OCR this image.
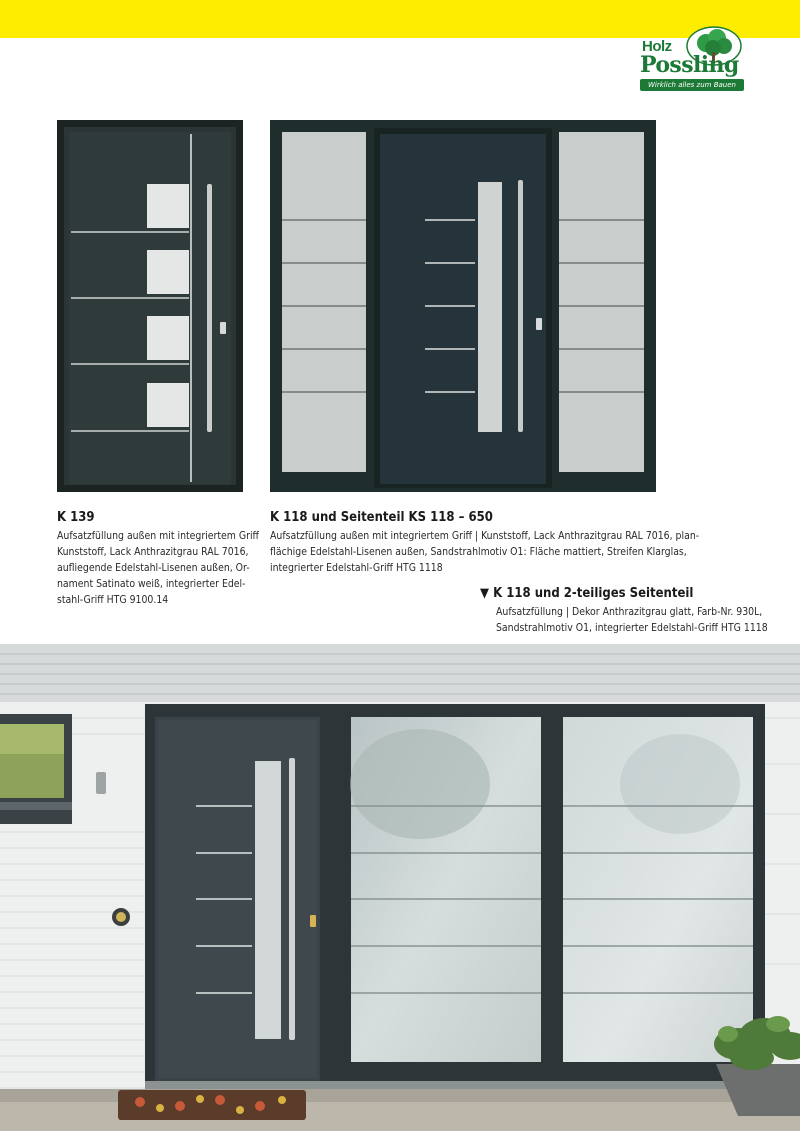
Holz
Possling
Wirklich alles zum Bauen
K 139
Aufsatzfüllung außen mit integriertem Griff
Kunststoff, Lack Anthrazitgrau RAL 7016,
aufliegende Edelstahl-Lisenen außen, Or-
nament Satinato weiß, integrierter Edel-
stahl-Griff HTG 9100.14
K 118 und Seitenteil KS 118 – 650
Aufsatzfüllung außen mit integriertem Griff | Kunststoff, Lack Anthrazitgrau RAL 7016, plan-
flächige Edelstahl-Lisenen außen, Sandstrahlmotiv O1: Fläche mattiert, Streifen Klarglas,
integrierter Edelstahl-Griff HTG 1118
▼ K 118 und 2-teiliges Seitenteil
Aufsatzfüllung | Dekor Anthrazitgrau glatt, Farb-Nr. 930L,
Sandstrahlmotiv O1, integrierter Edelstahl-Griff HTG 1118
